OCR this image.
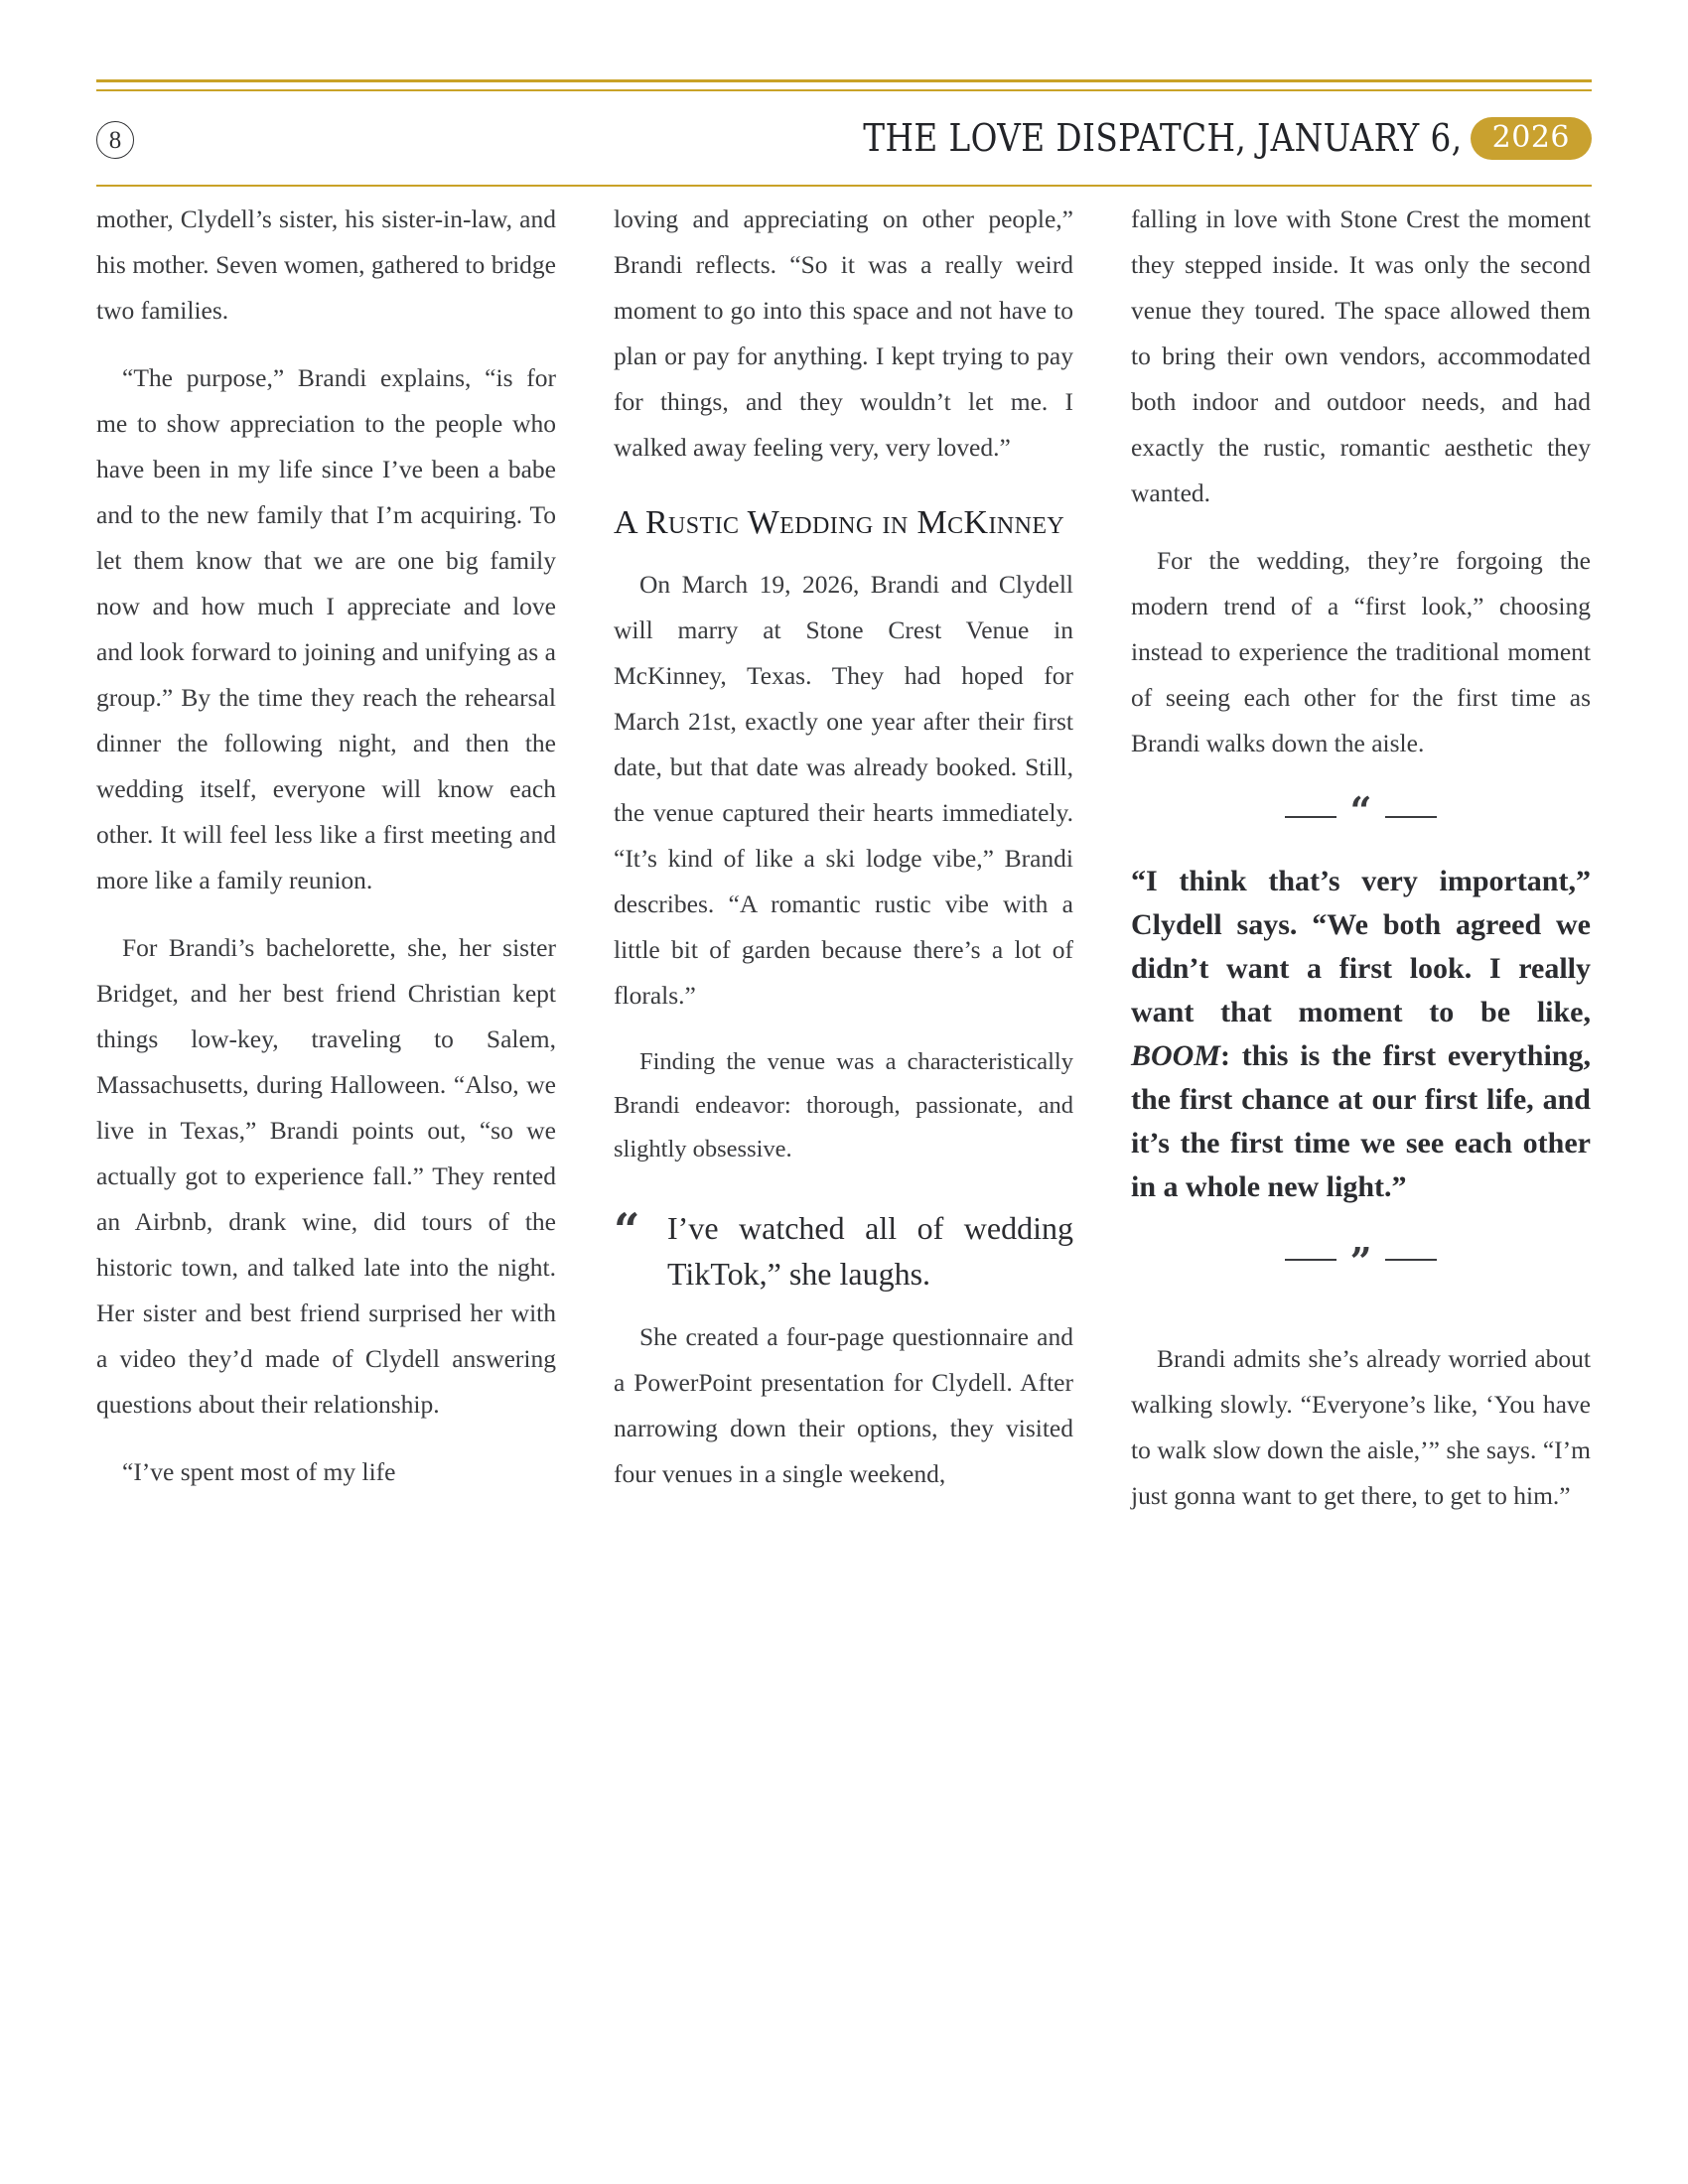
8	THE LOVE DISPATCH, JANUARY 6,	2026

mother, Clydell’s sister, his sister-in-law, and his mother. Seven women, gathered to bridge two families.

“The purpose,” Brandi explains, “is for me to show appreciation to the people who have been in my life since I’ve been a babe and to the new family that I’m acquiring. To let them know that we are one big family now and how much I appreciate and love and look forward to joining and unifying as a group.” By the time they reach the rehearsal dinner the following night, and then the wedding itself, everyone will know each other. It will feel less like a first meeting and more like a family reunion.

For Brandi’s bachelorette, she, her sister Bridget, and her best friend Christian kept things low-key, traveling to Salem, Massachusetts, during Halloween. “Also, we live in Texas,” Brandi points out, “so we actually got to experience fall.” They rented an Airbnb, drank wine, did tours of the historic town, and talked late into the night. Her sister and best friend surprised her with a video they’d made of Clydell answering questions about their relationship.

“I’ve spent most of my life

loving and appreciating on other people,” Brandi reflects. “So it was a really weird moment to go into this space and not have to plan or pay for anything. I kept trying to pay for things, and they wouldn’t let me. I walked away feeling very, very loved.”

A Rustic Wedding in McKinney

On March 19, 2026, Brandi and Clydell will marry at Stone Crest Venue in McKinney, Texas. They had hoped for March 21st, exactly one year after their first date, but that date was already booked. Still, the venue captured their hearts immediately. “It’s kind of like a ski lodge vibe,” Brandi describes. “A romantic rustic vibe with a little bit of garden because there’s a lot of florals.”

Finding the venue was a characteristically Brandi endeavor: thorough, passionate, and slightly obsessive.

“ I’ve watched all of wedding TikTok,” she laughs.

She created a four-page questionnaire and a PowerPoint presentation for Clydell. After narrowing down their options, they visited four venues in a single weekend,

falling in love with Stone Crest the moment they stepped inside. It was only the second venue they toured. The space allowed them to bring their own vendors, accommodated both indoor and outdoor needs, and had exactly the rustic, romantic aesthetic they wanted.

For the wedding, they’re forgoing the modern trend of a “first look,” choosing instead to experience the traditional moment of seeing each other for the first time as Brandi walks down the aisle.

“

“I think that’s very important,” Clydell says. “We both agreed we didn’t want a first look. I really want that moment to be like, BOOM: this is the first everything, the first chance at our first life, and it’s the first time we see each other in a whole new light.”

”

Brandi admits she’s already worried about walking slowly. “Everyone’s like, ‘You have to walk slow down the aisle,’” she says. “I’m just gonna want to get there, to get to him.”
